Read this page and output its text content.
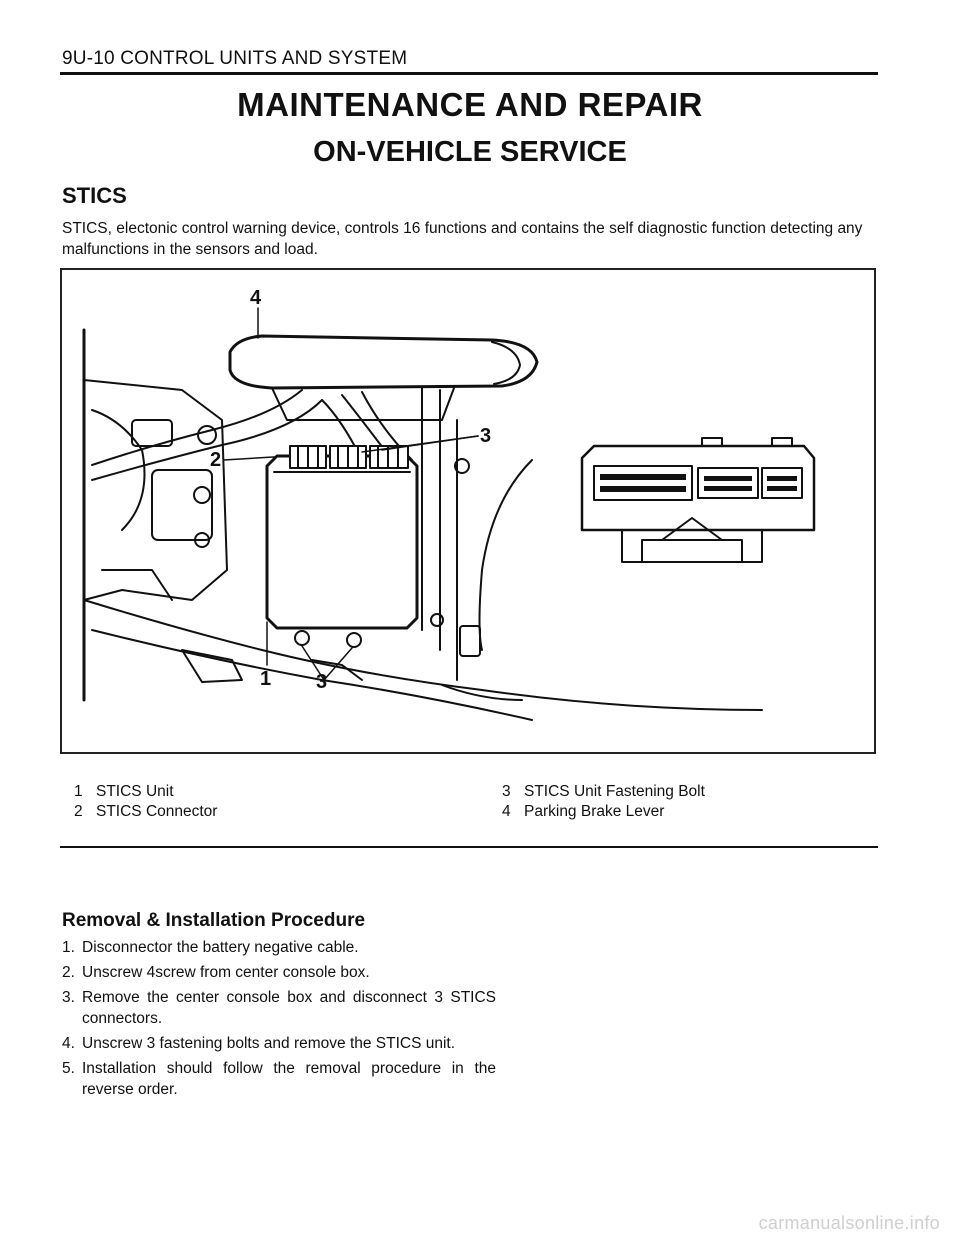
9U-10 CONTROL UNITS AND SYSTEM
MAINTENANCE AND REPAIR
ON-VEHICLE SERVICE
STICS
STICS, electonic control warning device, controls 16 functions and contains the self diagnostic function detecting any malfunctions in the sensors and load.
4
3
2
1 3
1 STICS Unit
2 STICS Connector
3 STICS Unit Fastening Bolt
4 Parking Brake Lever
Removal & Installation Procedure
1. Disconnector the battery negative cable.
2. Unscrew 4screw from center console box.
3. Remove the center console box and disconnect 3 STICS connectors.
4. Unscrew 3 fastening bolts and remove the STICS unit.
5. Installation should follow the removal procedure in the reverse order.
carmanualsonline.info
